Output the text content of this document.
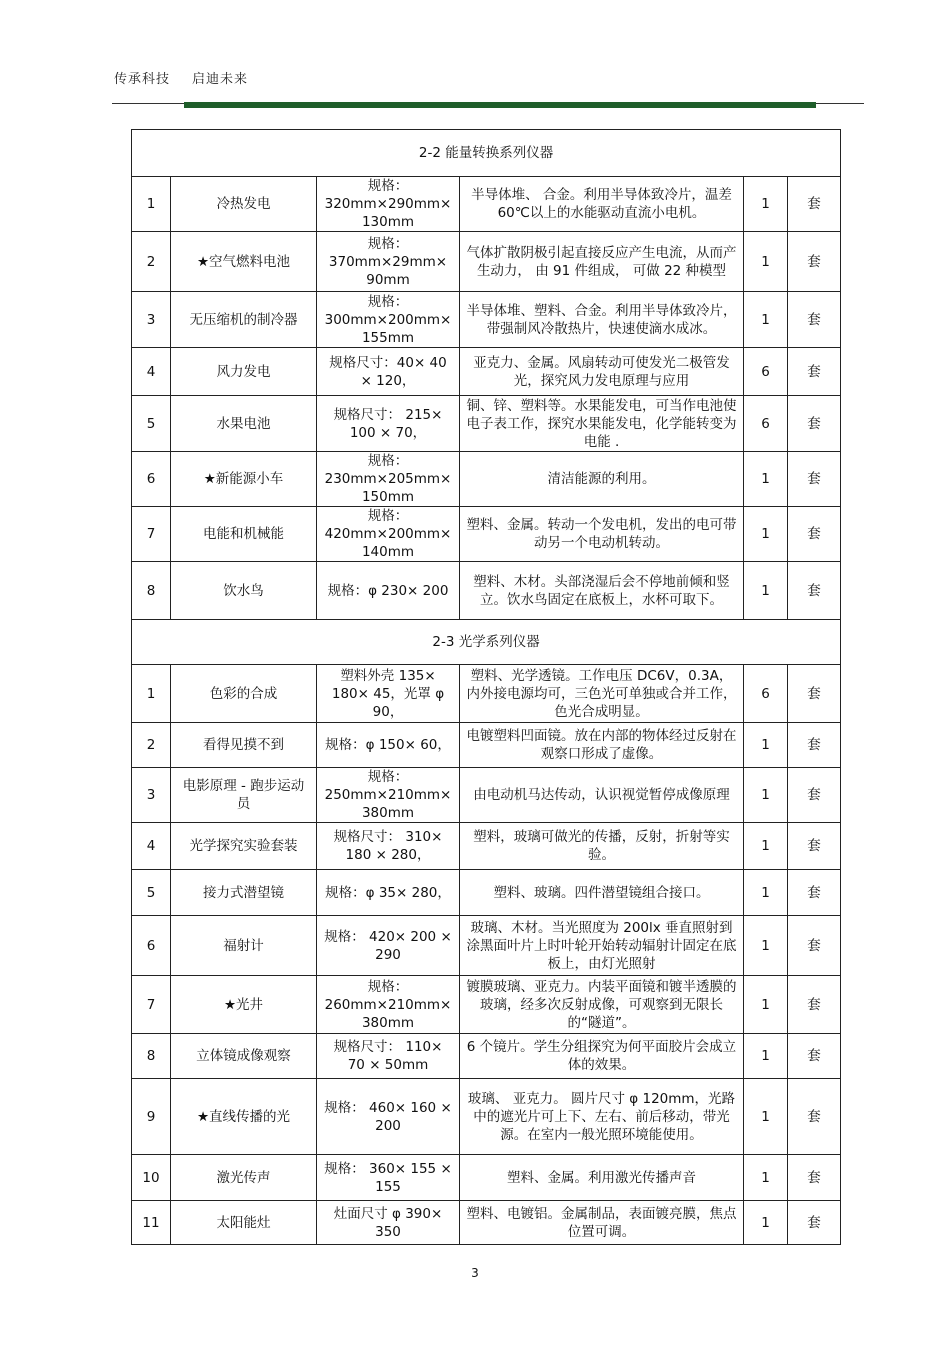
传承科技 启迪未来
2-2 能量转换系列仪器					
1	冷热发电	规格： 320mm×290mm× 130mm	半导体堆、 合金。利用半导体致冷片，温差 60℃以上的水能驱动直流小电机。	1	套
2	★空气燃料电池	规格： 370mm×29mm× 90mm	气体扩散阴极引起直接反应产生电流，从而产生动力， 由 91 件组成， 可做 22 种模型	1	套
3	无压缩机的制冷器	规格： 300mm×200mm× 155mm	半导体堆、塑料、合金。利用半导体致冷片，带强制风冷散热片，快速使滴水成冰。	1	套
4	风力发电	规格尺寸：40× 40 × 120，	亚克力、金属。风扇转动可使发光二极管发光，探究风力发电原理与应用	6	套
5	水果电池	规格尺寸： 215× 100 × 70，	铜、锌、塑料等。水果能发电，可当作电池使电子表工作，探究水果能发电，化学能转变为电能 .	6	套
6	★新能源小车	规格： 230mm×205mm× 150mm	清洁能源的利用。	1	套
7	电能和机械能	规格： 420mm×200mm× 140mm	塑料、金属。转动一个发电机，发出的电可带动另一个电动机转动。	1	套
8	饮水鸟	规格：φ 230× 200	塑料、木材。头部浇湿后会不停地前倾和竖立。饮水鸟固定在底板上，水杯可取下。	1	套
2-3 光学系列仪器					
1	色彩的合成	塑料外壳 135× 180× 45，光罩 φ 90，	塑料、光学透镜。工作电压 DC6V，0.3A，内外接电源均可，三色光可单独或合并工作，色光合成明显。	6	套
2	看得见摸不到	规格：φ 150× 60，	电镀塑料凹面镜。放在内部的物体经过反射在观察口形成了虚像。	1	套
3	电影原理 - 跑步运动员	规格： 250mm×210mm× 380mm	由电动机马达传动，认识视觉暂停成像原理	1	套
4	光学探究实验套装	规格尺寸： 310× 180 × 280，	塑料，玻璃可做光的传播，反射，折射等实验。	1	套
5	接力式潜望镜	规格：φ 35× 280，	塑料、玻璃。四件潜望镜组合接口。	1	套
6	福射计	规格： 420× 200 × 290	玻璃、木材。当光照度为 200lx 垂直照射到涂黑面叶片上时叶轮开始转动辐射计固定在底板上，由灯光照射	1	套
7	★光井	规格： 260mm×210mm× 380mm	镀膜玻璃、亚克力。内装平面镜和镀半透膜的玻璃，经多次反射成像，可观察到无限长的“隧道”。	1	套
8	立体镜成像观察	规格尺寸： 110× 70 × 50mm	6 个镜片。学生分组探究为何平面胶片会成立体的效果。	1	套
9	★直线传播的光	规格： 460× 160 × 200	玻璃、 亚克力。 圆片尺寸 φ 120mm，光路中的遮光片可上下、左右、前后移动，带光源。在室内一般光照环境能使用。	1	套
10	激光传声	规格： 360× 155 × 155	塑料、金属。利用激光传播声音	1	套
11	太阳能灶	灶面尺寸 φ 390× 350	塑料、电镀铝。金属制品，表面镀亮膜，焦点位置可调。	1	套
3
